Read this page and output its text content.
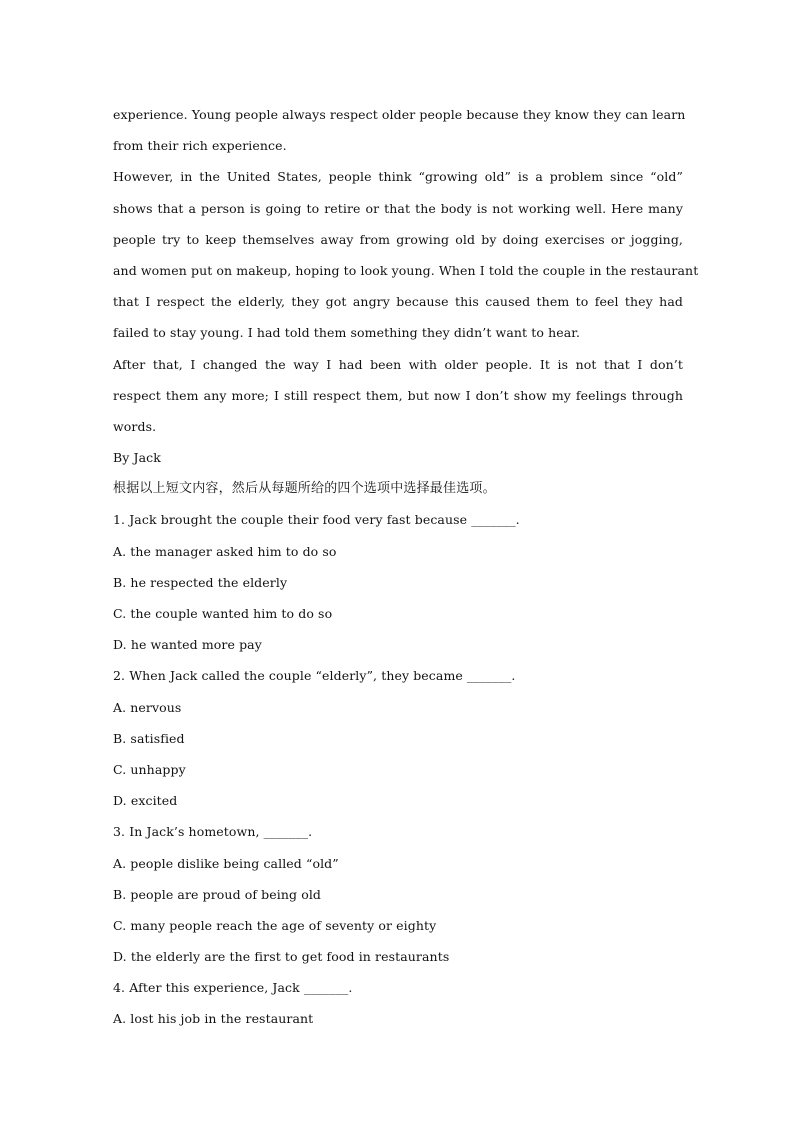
experience. Young people always respect older people because they know they can learn
from their rich experience.
However, in the United States, people think “growing old” is a problem since “old”
shows that a person is going to retire or that the body is not working well. Here many
people try to keep themselves away from growing old by doing exercises or jogging,
and women put on makeup, hoping to look young. When I told the couple in the restaurant
that I respect the elderly, they got angry because this caused them to feel they had
failed to stay young. I had told them something they didn’t want to hear.
After that, I changed the way I had been with older people. It is not that I don’t
respect them any more; I still respect them, but now I don’t show my feelings through
words.
By Jack
根据以上短文内容，然后从每题所给的四个选项中选择最佳选项。
1. Jack brought the couple their food very fast because _______.
A. the manager asked him to do so
B. he respected the elderly
C. the couple wanted him to do so
D. he wanted more pay
2. When Jack called the couple “elderly”, they became _______.
A. nervous
B. satisfied
C. unhappy
D. excited
3. In Jack’s hometown, _______.
A. people dislike being called “old”
B. people are proud of being old
C. many people reach the age of seventy or eighty
D. the elderly are the first to get food in restaurants
4. After this experience, Jack _______.
A. lost his job in the restaurant
